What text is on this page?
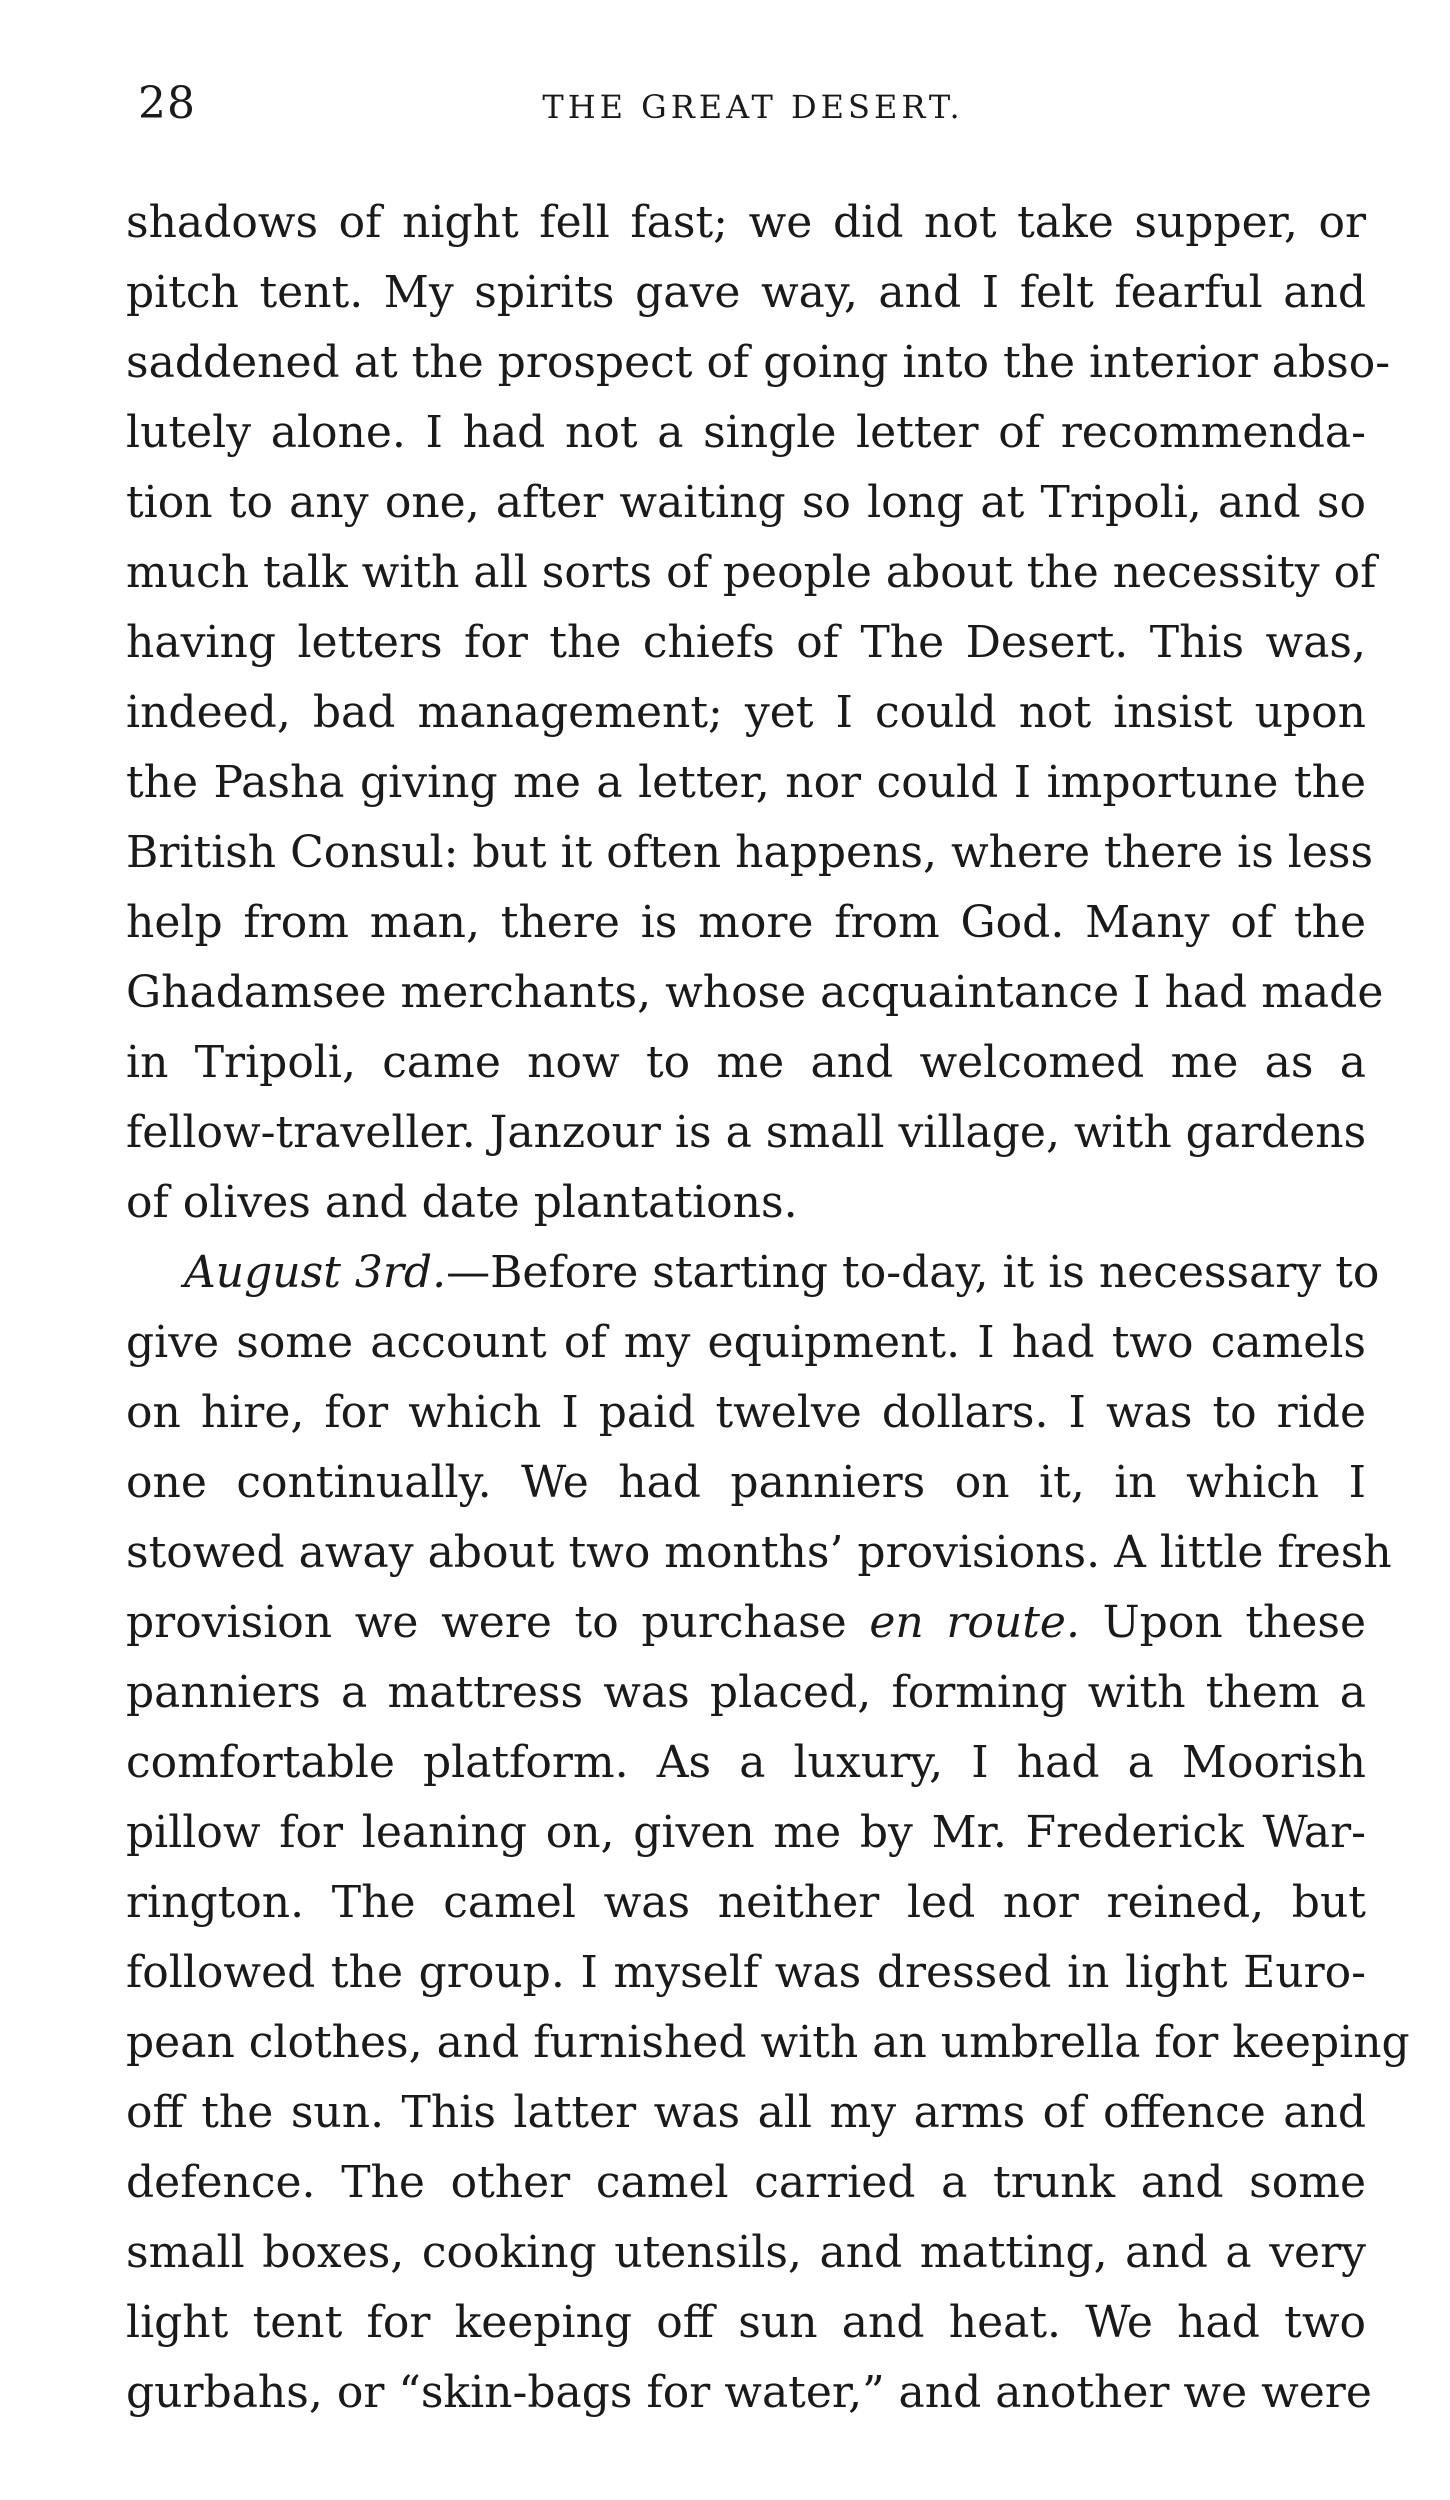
28	THE GREAT DESERT.
shadows of night fell fast; we did not take supper, or
pitch tent. My spirits gave way, and I felt fearful and
saddened at the prospect of going into the interior abso-
lutely alone. I had not a single letter of recommenda-
tion to any one, after waiting so long at Tripoli, and so
much talk with all sorts of people about the necessity of
having letters for the chiefs of The Desert. This was,
indeed, bad management; yet I could not insist upon
the Pasha giving me a letter, nor could I importune the
British Consul: but it often happens, where there is less
help from man, there is more from God. Many of the
Ghadamsee merchants, whose acquaintance I had made
in Tripoli, came now to me and welcomed me as a
fellow-traveller. Janzour is a small village, with gardens
of olives and date plantations.
August 3rd.—Before starting to-day, it is necessary to
give some account of my equipment. I had two camels
on hire, for which I paid twelve dollars. I was to ride
one continually. We had panniers on it, in which I
stowed away about two months’ provisions. A little fresh
provision we were to purchase en route. Upon these
panniers a mattress was placed, forming with them a
comfortable platform. As a luxury, I had a Moorish
pillow for leaning on, given me by Mr. Frederick War-
rington. The camel was neither led nor reined, but
followed the group. I myself was dressed in light Euro-
pean clothes, and furnished with an umbrella for keeping
off the sun. This latter was all my arms of offence and
defence. The other camel carried a trunk and some
small boxes, cooking utensils, and matting, and a very
light tent for keeping off sun and heat. We had two
gurbahs, or “skin-bags for water,” and another we were
